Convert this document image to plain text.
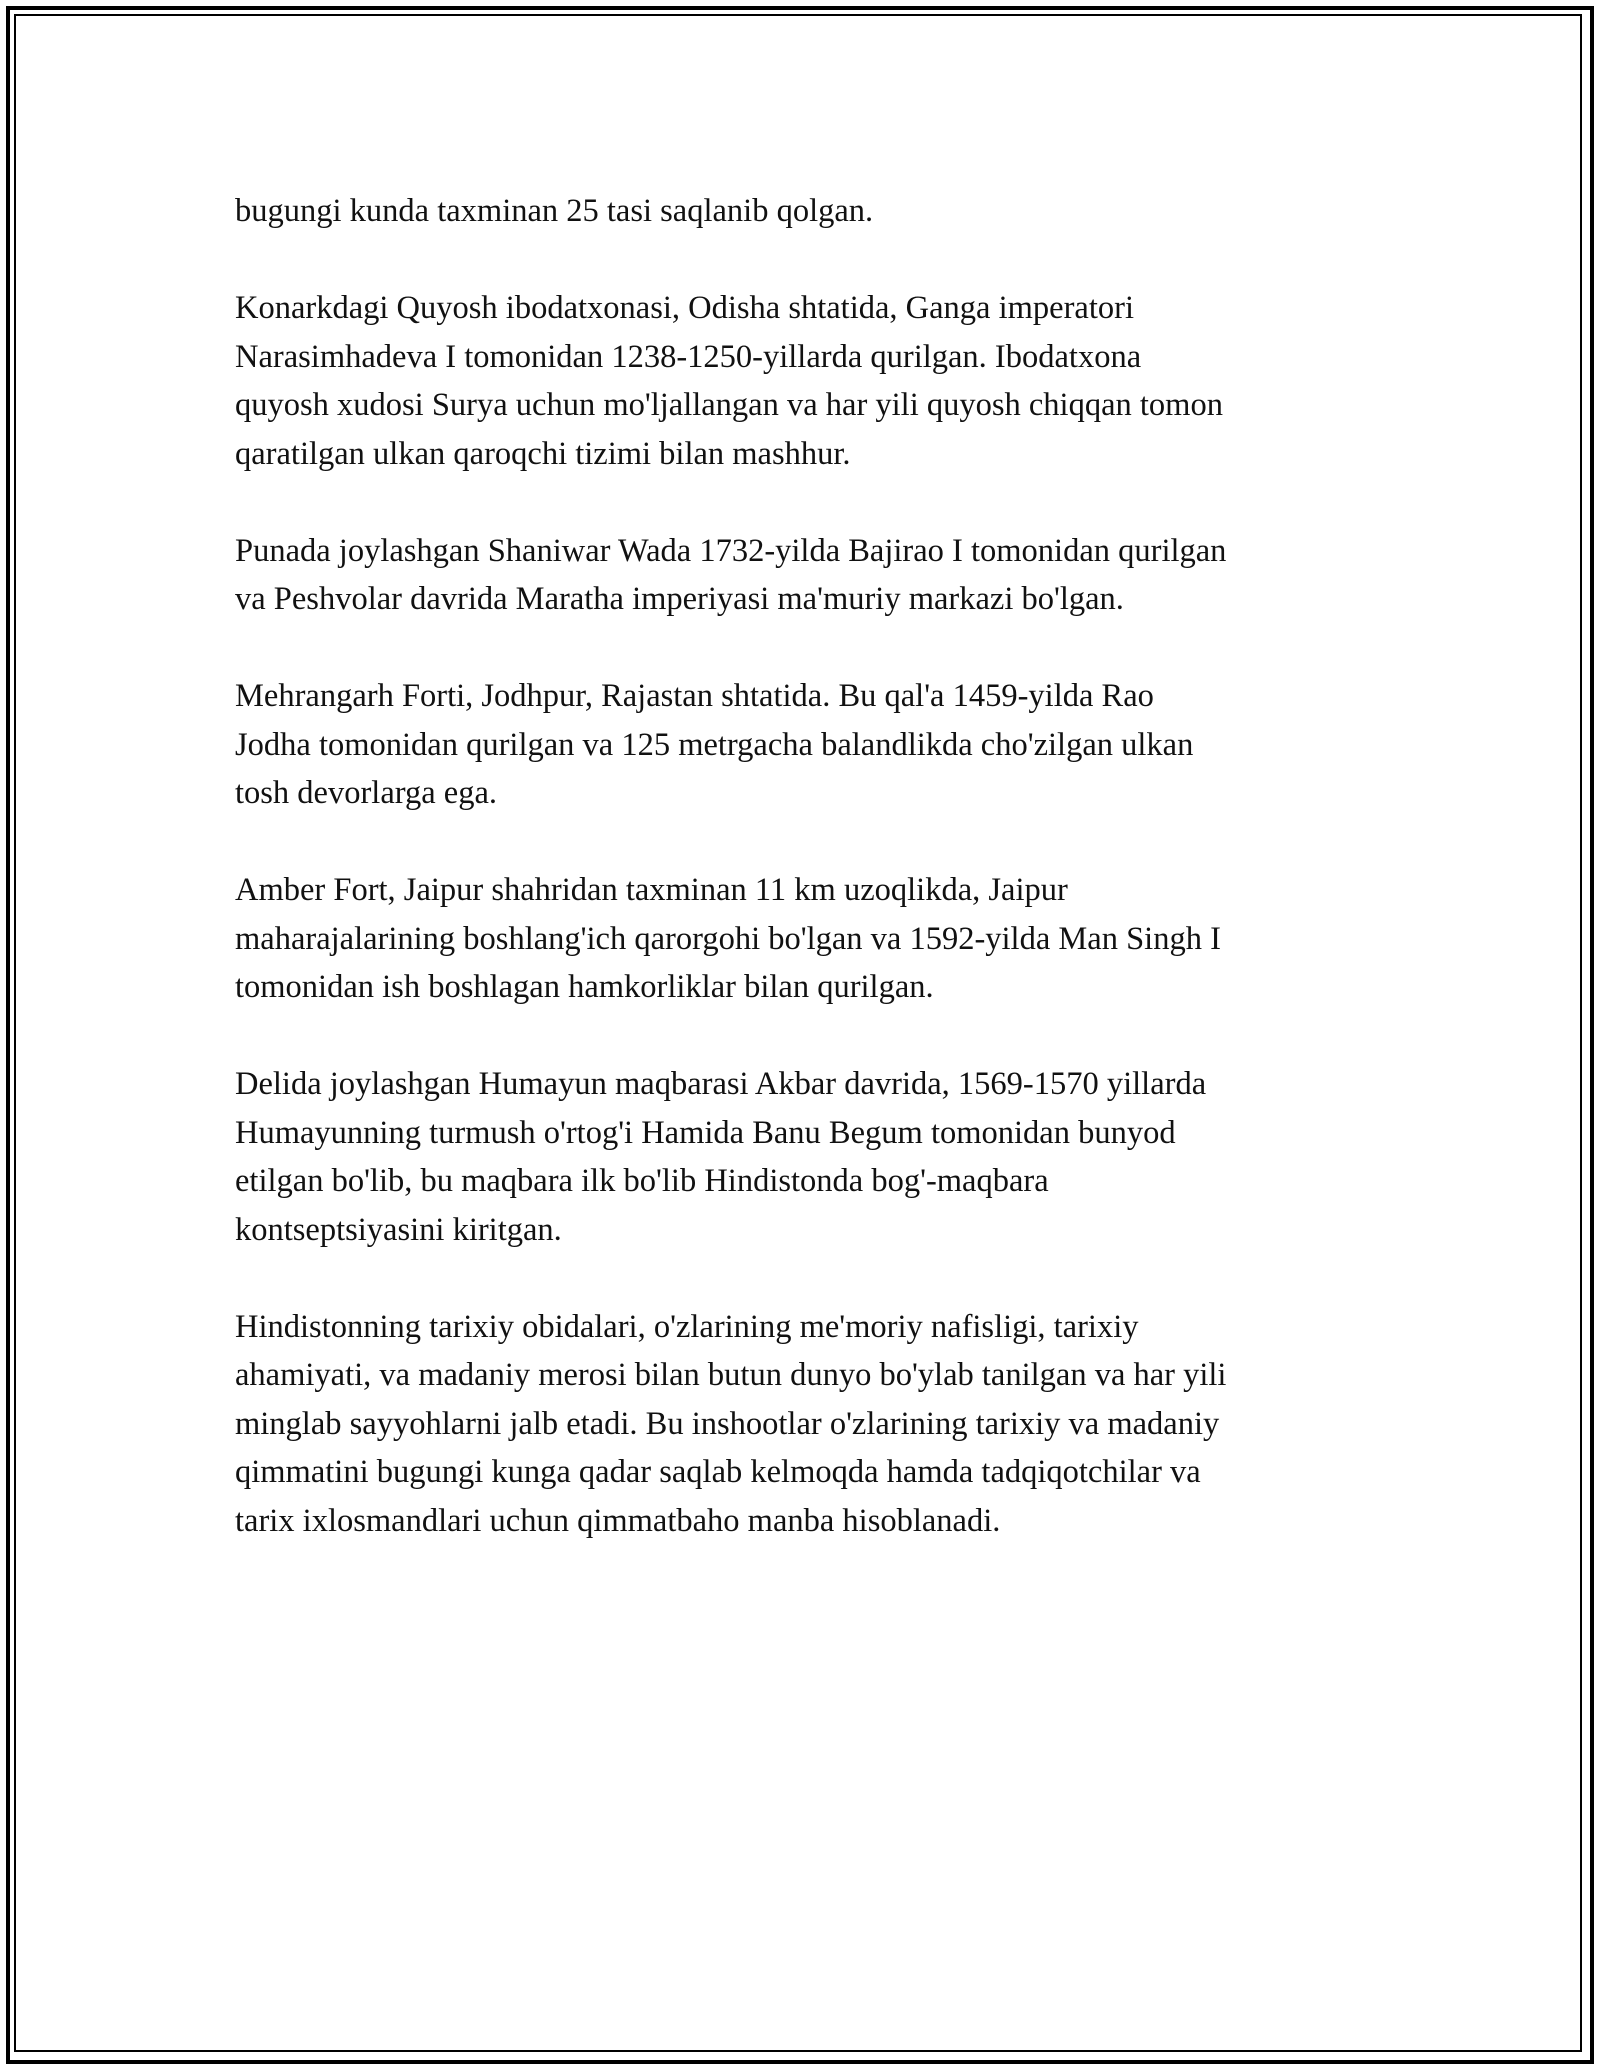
bugungi kunda taxminan 25 tasi saqlanib qolgan.

Konarkdagi Quyosh ibodatxonasi, Odisha shtatida, Ganga imperatori
Narasimhadeva I tomonidan 1238-1250-yillarda qurilgan. Ibodatxona
quyosh xudosi Surya uchun mo'ljallangan va har yili quyosh chiqqan tomon
qaratilgan ulkan qaroqchi tizimi bilan mashhur.

Punada joylashgan Shaniwar Wada 1732-yilda Bajirao I tomonidan qurilgan
va Peshvolar davrida Maratha imperiyasi ma'muriy markazi bo'lgan.

Mehrangarh Forti, Jodhpur, Rajastan shtatida. Bu qal'a 1459-yilda Rao
Jodha tomonidan qurilgan va 125 metrgacha balandlikda cho'zilgan ulkan
tosh devorlarga ega.

Amber Fort, Jaipur shahridan taxminan 11 km uzoqlikda, Jaipur
maharajalarining boshlang'ich qarorgohi bo'lgan va 1592-yilda Man Singh I
tomonidan ish boshlagan hamkorliklar bilan qurilgan.

Delida joylashgan Humayun maqbarasi Akbar davrida, 1569-1570 yillarda
Humayunning turmush o'rtog'i Hamida Banu Begum tomonidan bunyod
etilgan bo'lib, bu maqbara ilk bo'lib Hindistonda bog'-maqbara
kontseptsiyasini kiritgan.

Hindistonning tarixiy obidalari, o'zlarining me'moriy nafisligi, tarixiy
ahamiyati, va madaniy merosi bilan butun dunyo bo'ylab tanilgan va har yili
minglab sayyohlarni jalb etadi. Bu inshootlar o'zlarining tarixiy va madaniy
qimmatini bugungi kunga qadar saqlab kelmoqda hamda tadqiqotchilar va
tarix ixlosmandlari uchun qimmatbaho manba hisoblanadi.
